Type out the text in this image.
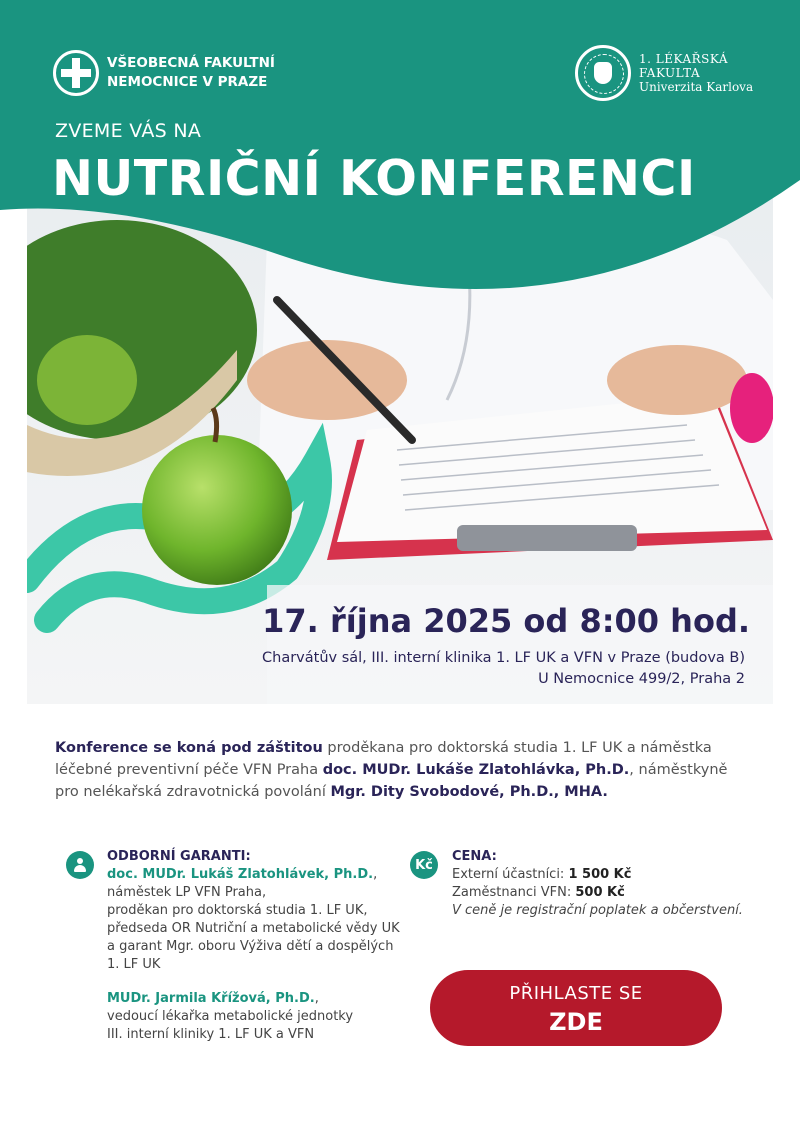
VŠEOBECNÁ FAKULTNÍ
NEMOCNICE V PRAZE
1. LÉKAŘSKÁ
FAKULTA
Univerzita Karlova
ZVEME VÁS NA
NUTRIČNÍ KONFERENCI
17. října 2025 od 8:00 hod.
Charvátův sál, III. interní klinika 1. LF UK a VFN v Praze (budova B)
U Nemocnice 499/2, Praha 2
Konference se koná pod záštitou proděkana pro doktorská studia 1. LF UK a náměstka léčebné preventivní péče VFN Praha doc. MUDr. Lukáše Zlatohlávka, Ph.D., náměstkyně pro nelékařská zdravotnická povolání Mgr. Dity Svobodové, Ph.D., MHA.
ODBORNÍ GARANTI:
doc. MUDr. Lukáš Zlatohlávek, Ph.D.,
náměstek LP VFN Praha,
proděkan pro doktorská studia 1. LF UK,
předseda OR Nutriční a metabolické vědy UK
a garant Mgr. oboru Výživa dětí a dospělých
1. LF UK
MUDr. Jarmila Křížová, Ph.D.,
vedoucí lékařka metabolické jednotky
III. interní kliniky 1. LF UK a VFN
Kč
CENA:
Externí účastníci: 1 500 Kč
Zaměstnanci VFN: 500 Kč
V ceně je registrační poplatek a občerstvení.
PŘIHLASTE SE
ZDE
